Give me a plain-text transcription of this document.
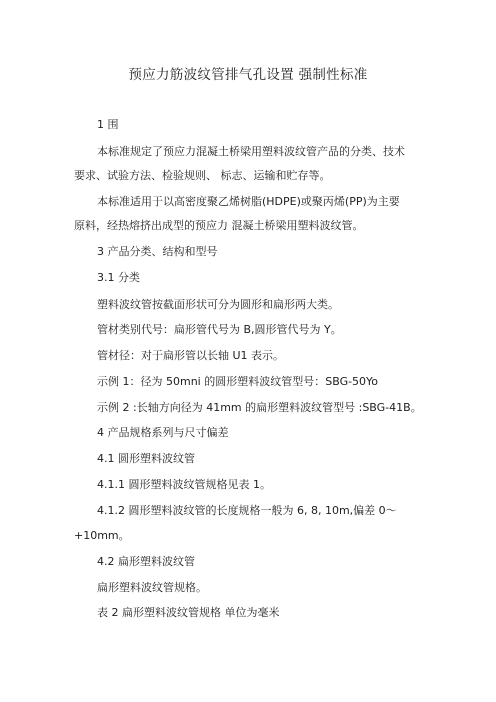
预应力筋波纹管排气孔设置 强制性标准
1 围
本标准规定了预应力混凝土桥梁用塑料波纹管产品的分类、技术
要求、试验方法、检验规则、 标志、运输和贮存等。
本标准适用于以高密度聚乙烯树脂(HDPE)或聚丙烯(PP)为主要
原料，经热熔挤出成型的预应力 混凝土桥梁用塑料波纹管。
3 产品分类、结构和型号
3.1 分类
塑料波纹管按截面形状可分为圆形和扁形两大类。
管材类别代号：扁形管代号为 B,圆形管代号为 Y。
管材径：对于扁形管以长轴 U1 表示。
示例 1：径为 50mni 的圆形塑料波纹管型号：SBG-50Yo
示例 2 :长轴方向径为 41mm 的扁形塑料波纹管型号 :SBG-41B。
4 产品规格系列与尺寸偏差
4.1 圆形塑料波纹管
4.1.1 圆形塑料波纹管规格见表 1。
4.1.2 圆形塑料波纹管的长度规格一般为 6, 8, 10m,偏差 0〜
+10mm。
4.2 扁形塑料波纹管
扁形塑料波纹管规格。
表 2 扁形塑料波纹管规格 单位为毫米
